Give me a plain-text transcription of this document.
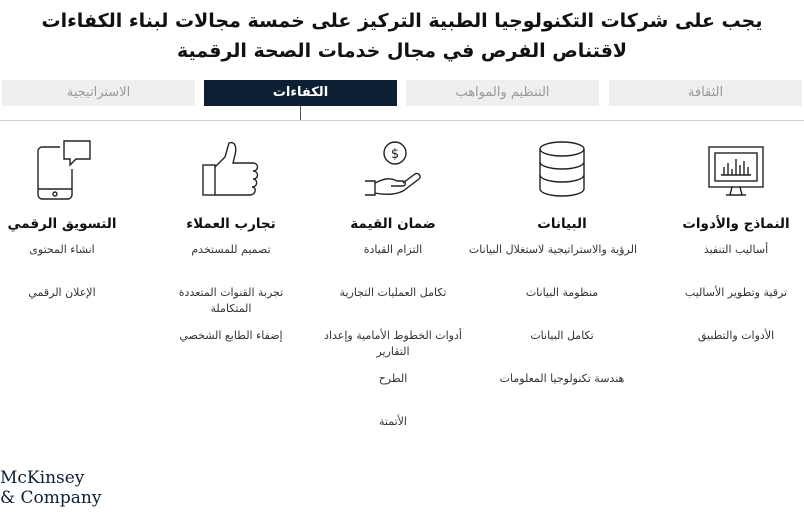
يجب على شركات التكنولوجيا الطبية التركيز على خمسة مجالات لبناء الكفاءات لاقتناص الفرص في مجال خدمات الصحة الرقمية
الثقافة
التنظيم والمواهب
الكفاءات
الاستراتيجية
النماذج والأدوات
أساليب التنفيذ
ترقية وتطوير الأساليب
الأدوات والتطبيق
البيانات
الرؤية والاستراتيجية لاستغلال البيانات
منظومة البيانات
تكامل البيانات
هندسة تكنولوجيا المعلومات
$
ضمان القيمة
التزام القيادة
تكامل العمليات التجارية
أدوات الخطوط الأمامية وإعداد التقارير
الطرح
الأتمتة
تجارب العملاء
تصميم للمستخدم
تجربة القنوات المتعددة المتكاملة
إضفاء الطابع الشخصي
التسويق الرقمي
انشاء المحتوى
الإعلان الرقمي
McKinsey
& Company
